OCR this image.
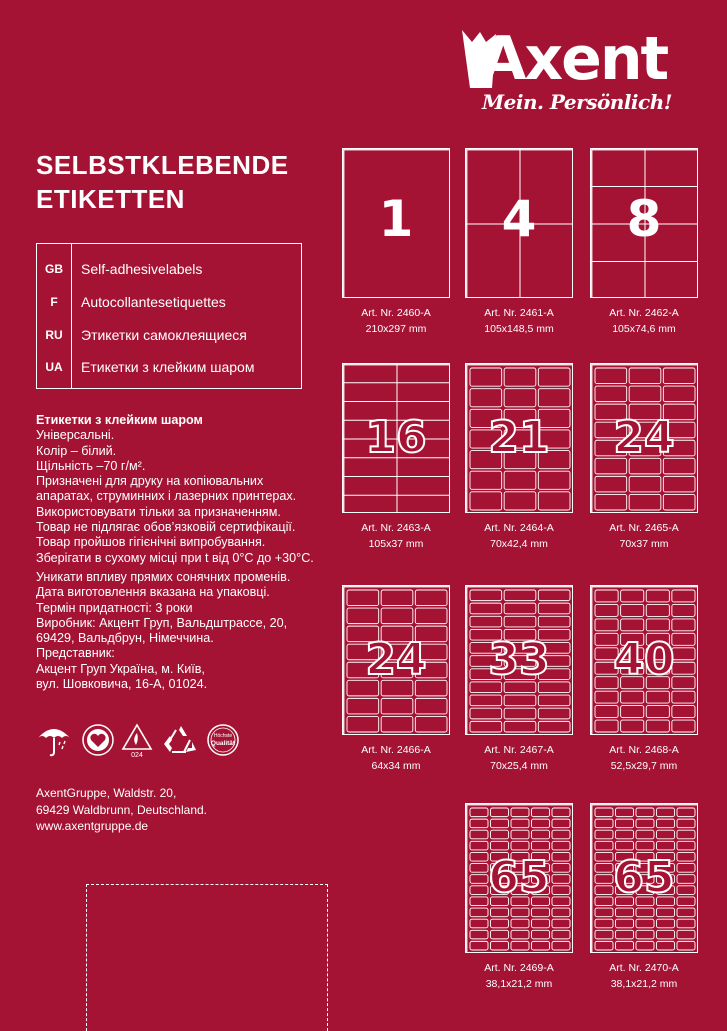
Axent
Mein. Persönlich!
SELBSTKLEBENDE
ETIKETTEN
GB	Self-adhesivelabels
F	Autocollantesetiquettes
RU	Этикетки самоклеящиеся
UA	Етикетки з клейким шаром
Етикетки з клейким шаром
Універсальні.
Колір – білий.
Щільність –70 г/м².
Призначені для друку на копіювальних
апаратах, струминних і лазерних принтерах.
Використовувати тільки за призначенням.
Товар не підлягає обов’язковій сертифікації.
Товар пройшов гігієнічні випробування.
Зберігати в сухому місці при t від 0°C до +30°C.
Уникати впливу прямих сонячних променів.
Дата виготовлення вказана на упаковці.
Термін придатності: 3 роки
Виробник: Акцент Груп, Вальдштрассе, 20,
69429, Вальдбрун, Німеччина.
Представник:
Акцент Груп Україна, м. Київ,
вул. Шовковича, 16-А, 01024.
024
Höchste
Qualität
AxentGruppe, Waldstr. 20,
69429 Waldbrunn, Deutschland.
www.axentgruppe.de
1
Art. Nr. 2460-A
210x297 mm
4
Art. Nr. 2461-A
105x148,5 mm
8
Art. Nr. 2462-A
105x74,6 mm
16
Art. Nr. 2463-A
105x37 mm
21
Art. Nr. 2464-A
70x42,4 mm
24
Art. Nr. 2465-A
70x37 mm
24
Art. Nr. 2466-A
64x34 mm
33
Art. Nr. 2467-A
70x25,4 mm
40
Art. Nr. 2468-A
52,5x29,7 mm
65
Art. Nr. 2469-A
38,1x21,2 mm
65
Art. Nr. 2470-A
38,1x21,2 mm
